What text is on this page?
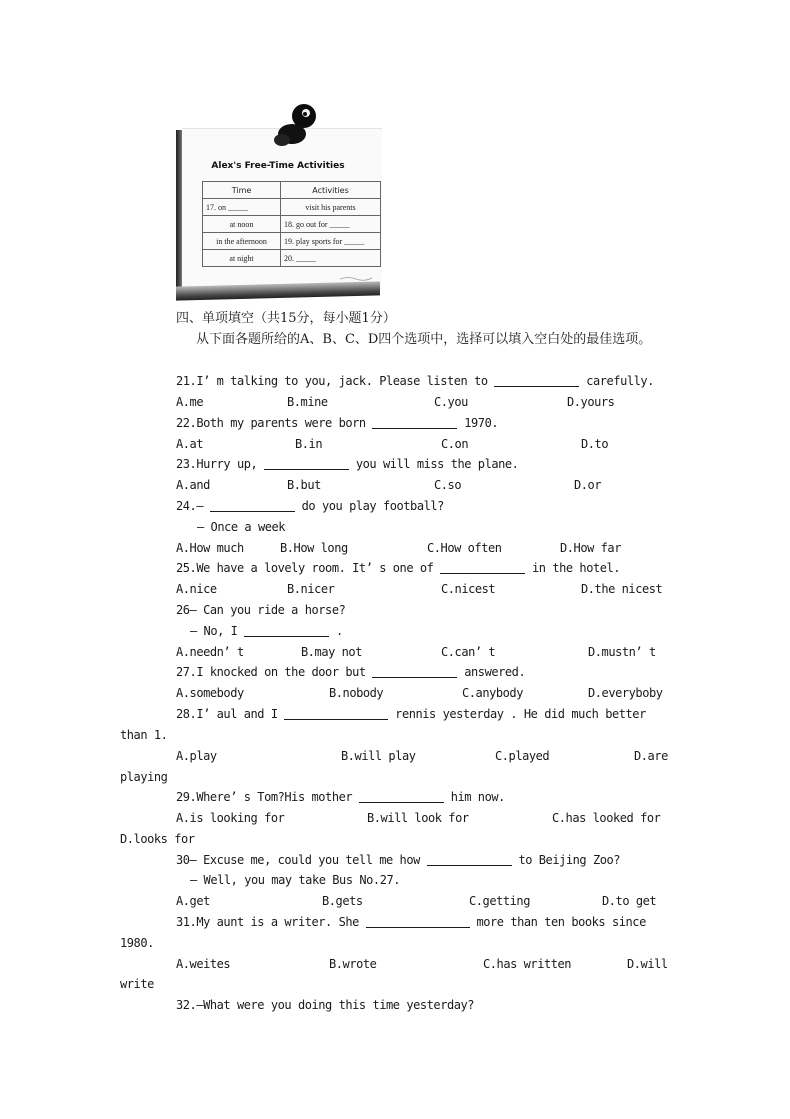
Alex's Free-Time Activities
Time	Activities
17. on _____	visit his parents
at noon	18. go out for _____
in the afternoon	19. play sports for _____
at night	20. _____
四、单项填空（共15分，每小题1分）
从下面各题所给的A、B、C、D四个选项中，选择可以填入空白处的最佳选项。
21.I’ m talking to you, jack. Please listen to	carefully.
A.me	B.mine	C.you	D.yours
22.Both my parents were born	1970.
A.at	B.in	C.on	D.to
23.Hurry up,	you will miss the plane.
A.and	B.but	C.so	D.or
24.—	do you play football?
— Once a week
A.How much	B.How long	C.How often	D.How far
25.We have a lovely room. It’ s one of	in the hotel.
A.nice	B.nicer	C.nicest	D.the nicest
26— Can you ride a horse?
— No, I	.
A.needn’ t	B.may not	C.can’ t	D.mustn’ t
27.I knocked on the door but	answered.
A.somebody	B.nobody	C.anybody	D.everyboby
28.I’ aul and I	rennis yesterday . He did much better
than 1.
A.play	B.will play	C.played	D.are
playing
29.Where’ s Tom?His mother	him now.
A.is looking for	B.will look for	C.has looked for
D.looks for
30— Excuse me, could you tell me how	to Beijing Zoo?
— Well, you may take Bus No.27.
A.get	B.gets	C.getting	D.to get
31.My aunt is a writer. She	more than ten books since
1980.
A.weites	B.wrote	C.has written	D.will
write
32.—What were you doing this time yesterday?
